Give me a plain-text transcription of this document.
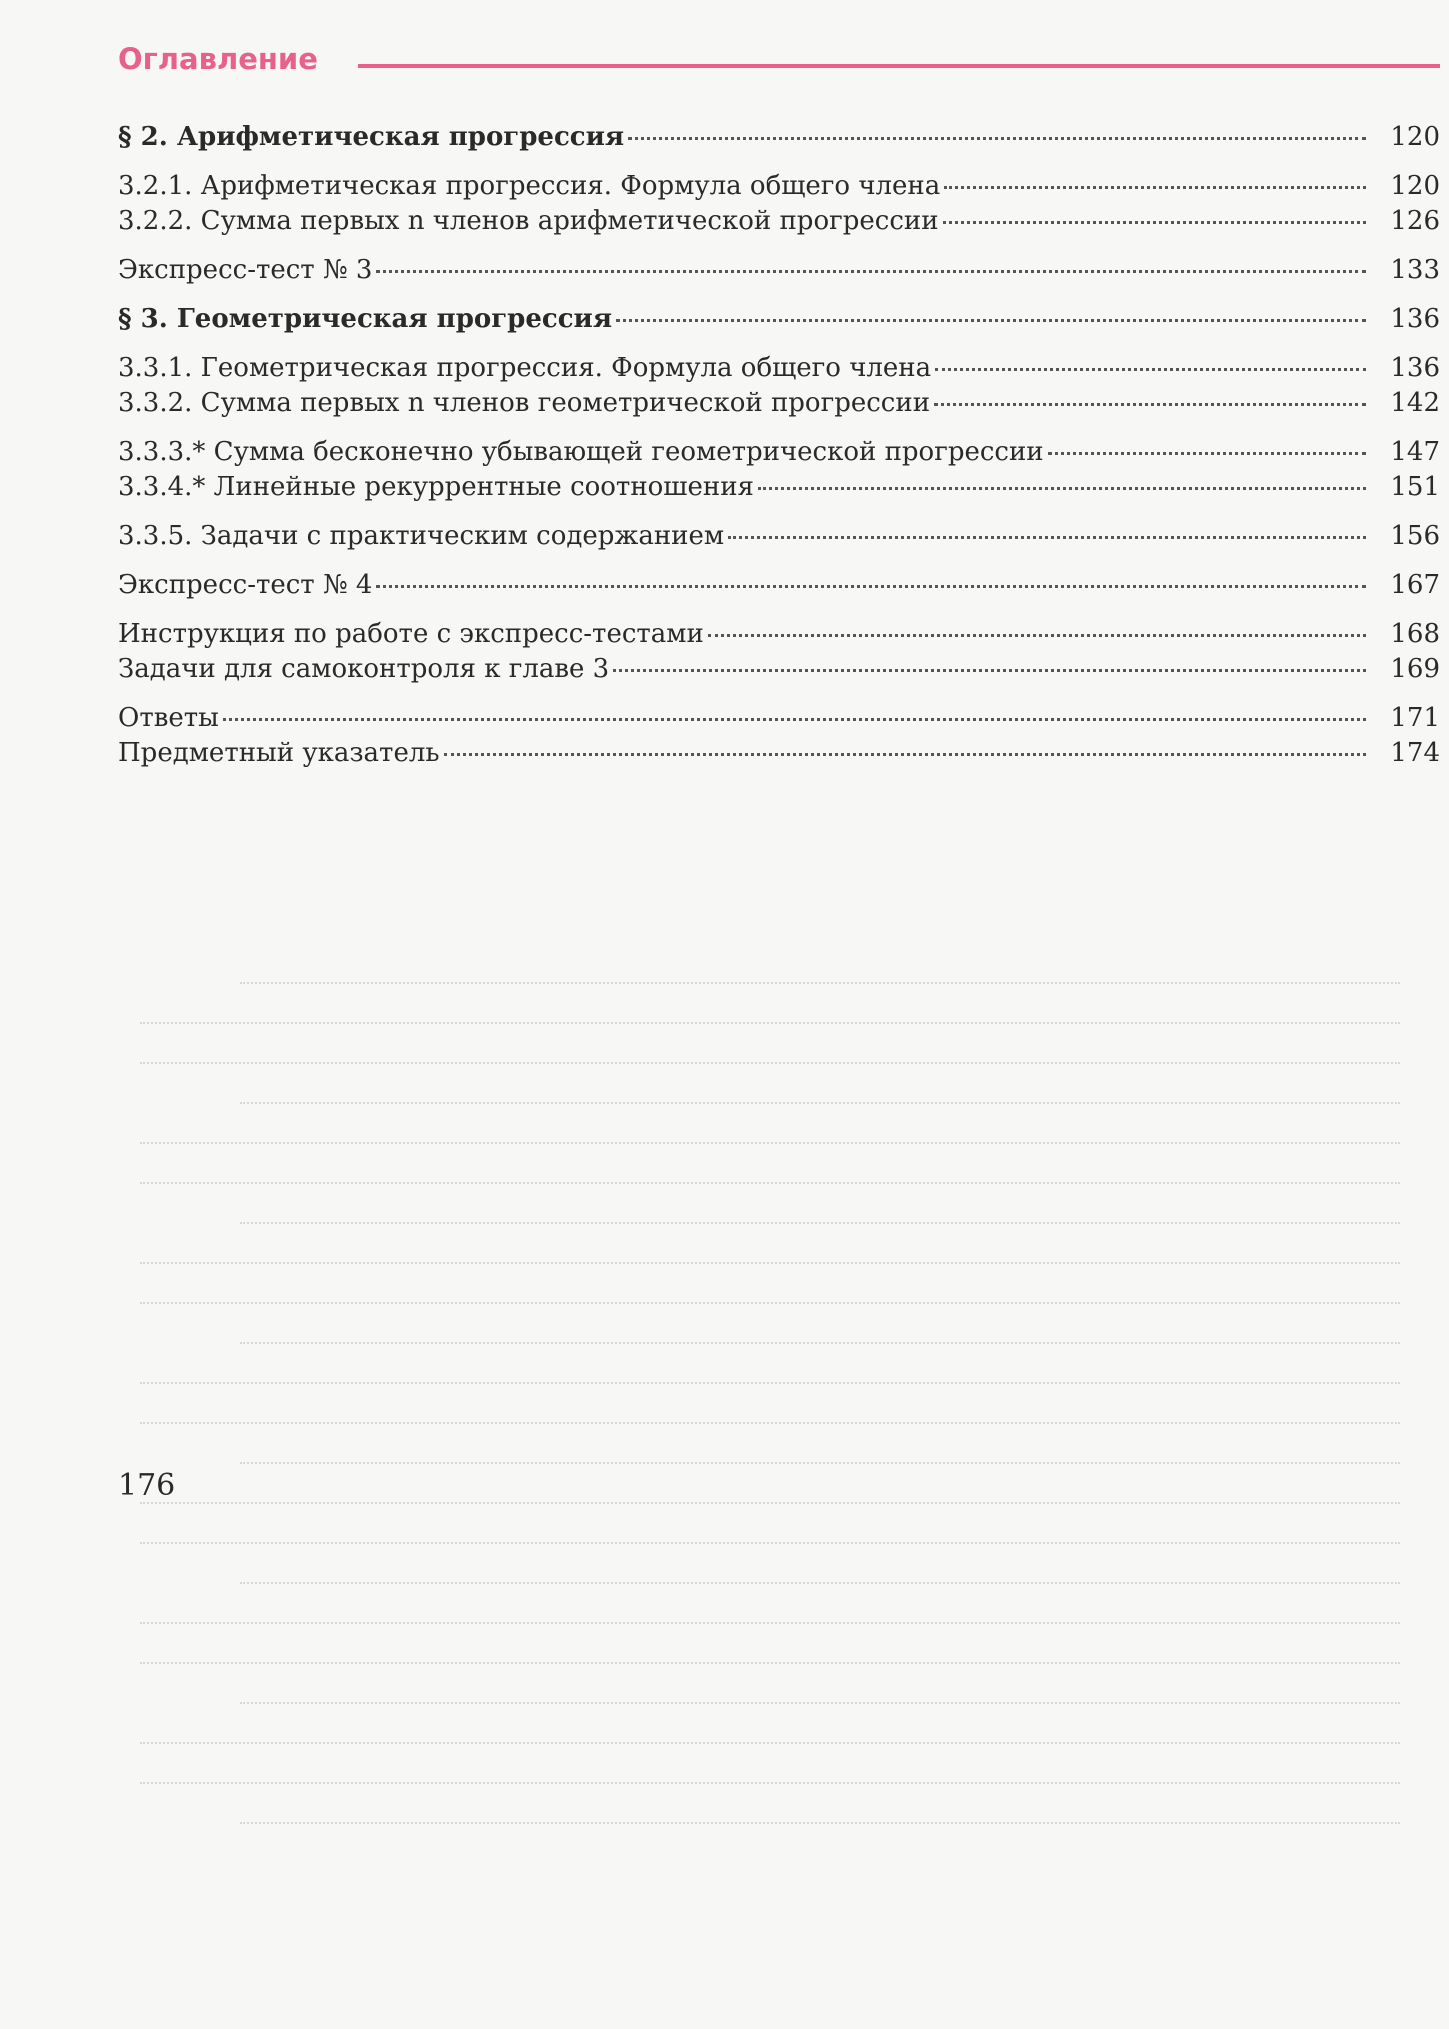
Оглавление
§ 2. Арифметическая прогрессия	120
3.2.1. Арифметическая прогрессия. Формула общего члена	120
3.2.2. Сумма первых n членов арифметической прогрессии	126
Экспресс-тест № 3	133
§ 3. Геометрическая прогрессия	136
3.3.1. Геометрическая прогрессия. Формула общего члена	136
3.3.2. Сумма первых n членов геометрической прогрессии	142
3.3.3.* Сумма бесконечно убывающей геометрической прогрессии	147
3.3.4.* Линейные рекуррентные соотношения	151
3.3.5. Задачи с практическим содержанием	156
Экспресс-тест № 4	167
Инструкция по работе с экспресс-тестами	168
Задачи для самоконтроля к главе 3	169
Ответы	171
Предметный указатель	174
176
